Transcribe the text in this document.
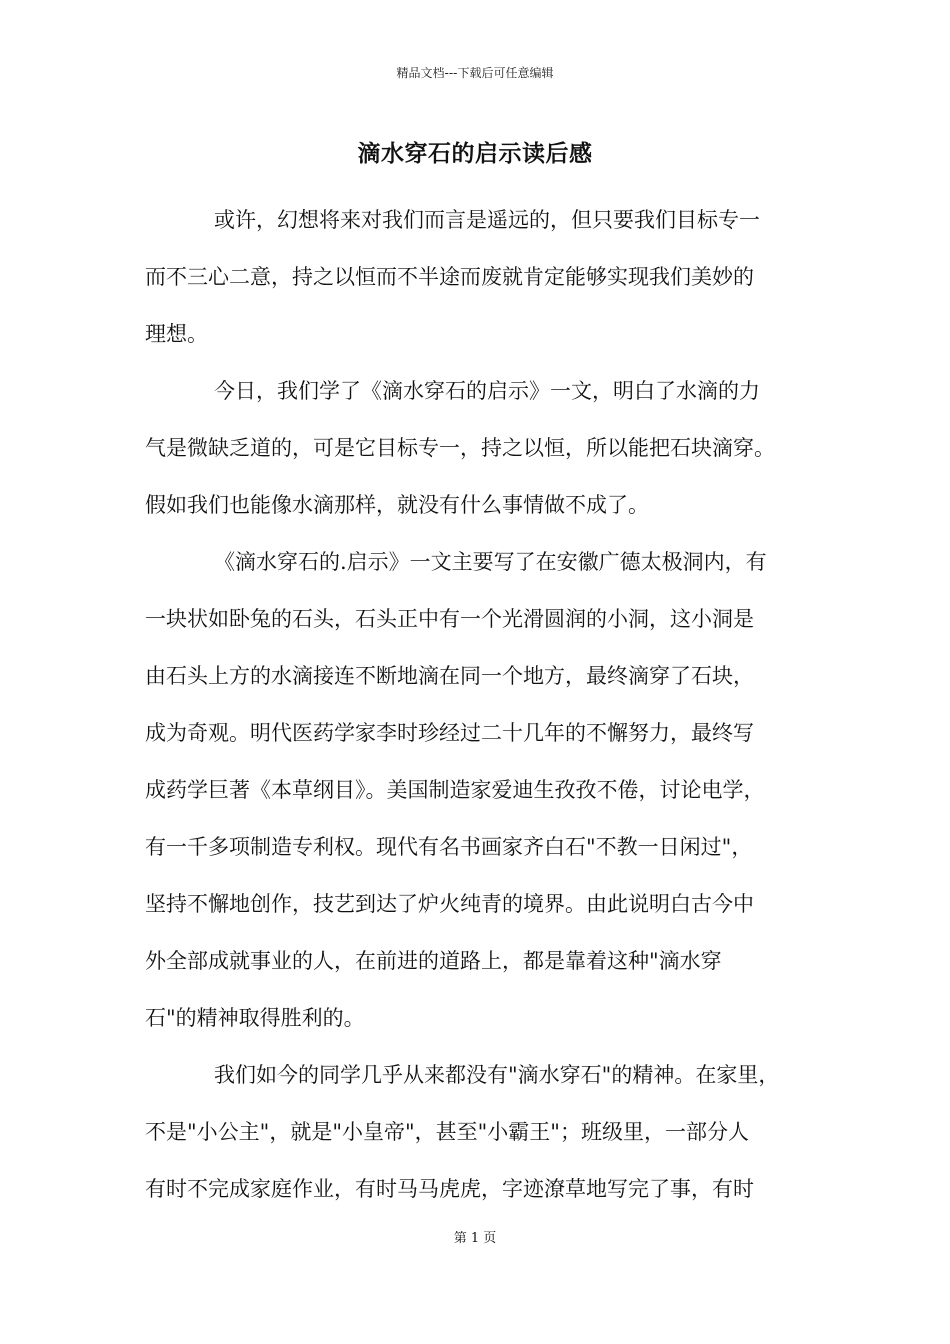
精品文档---下载后可任意编辑
滴水穿石的启示读后感
或许，幻想将来对我们而言是遥远的，但只要我们目标专一
而不三心二意，持之以恒而不半途而废就肯定能够实现我们美妙的
理想。
今日，我们学了《滴水穿石的启示》一文，明白了水滴的力
气是微缺乏道的，可是它目标专一，持之以恒，所以能把石块滴穿。
假如我们也能像水滴那样，就没有什么事情做不成了。
《滴水穿石的.启示》一文主要写了在安徽广德太极洞内，有
一块状如卧兔的石头，石头正中有一个光滑圆润的小洞，这小洞是
由石头上方的水滴接连不断地滴在同一个地方，最终滴穿了石块，
成为奇观。明代医药学家李时珍经过二十几年的不懈努力，最终写
成药学巨著《本草纲目》。美国制造家爱迪生孜孜不倦，讨论电学，
有一千多项制造专利权。现代有名书画家齐白石"不教一日闲过"，
坚持不懈地创作，技艺到达了炉火纯青的境界。由此说明白古今中
外全部成就事业的人，在前进的道路上，都是靠着这种"滴水穿
石"的精神取得胜利的。
我们如今的同学几乎从来都没有"滴水穿石"的精神。在家里，
不是"小公主"，就是"小皇帝"，甚至"小霸王"；班级里，一部分人
有时不完成家庭作业，有时马马虎虎，字迹潦草地写完了事，有时
第 1 页
